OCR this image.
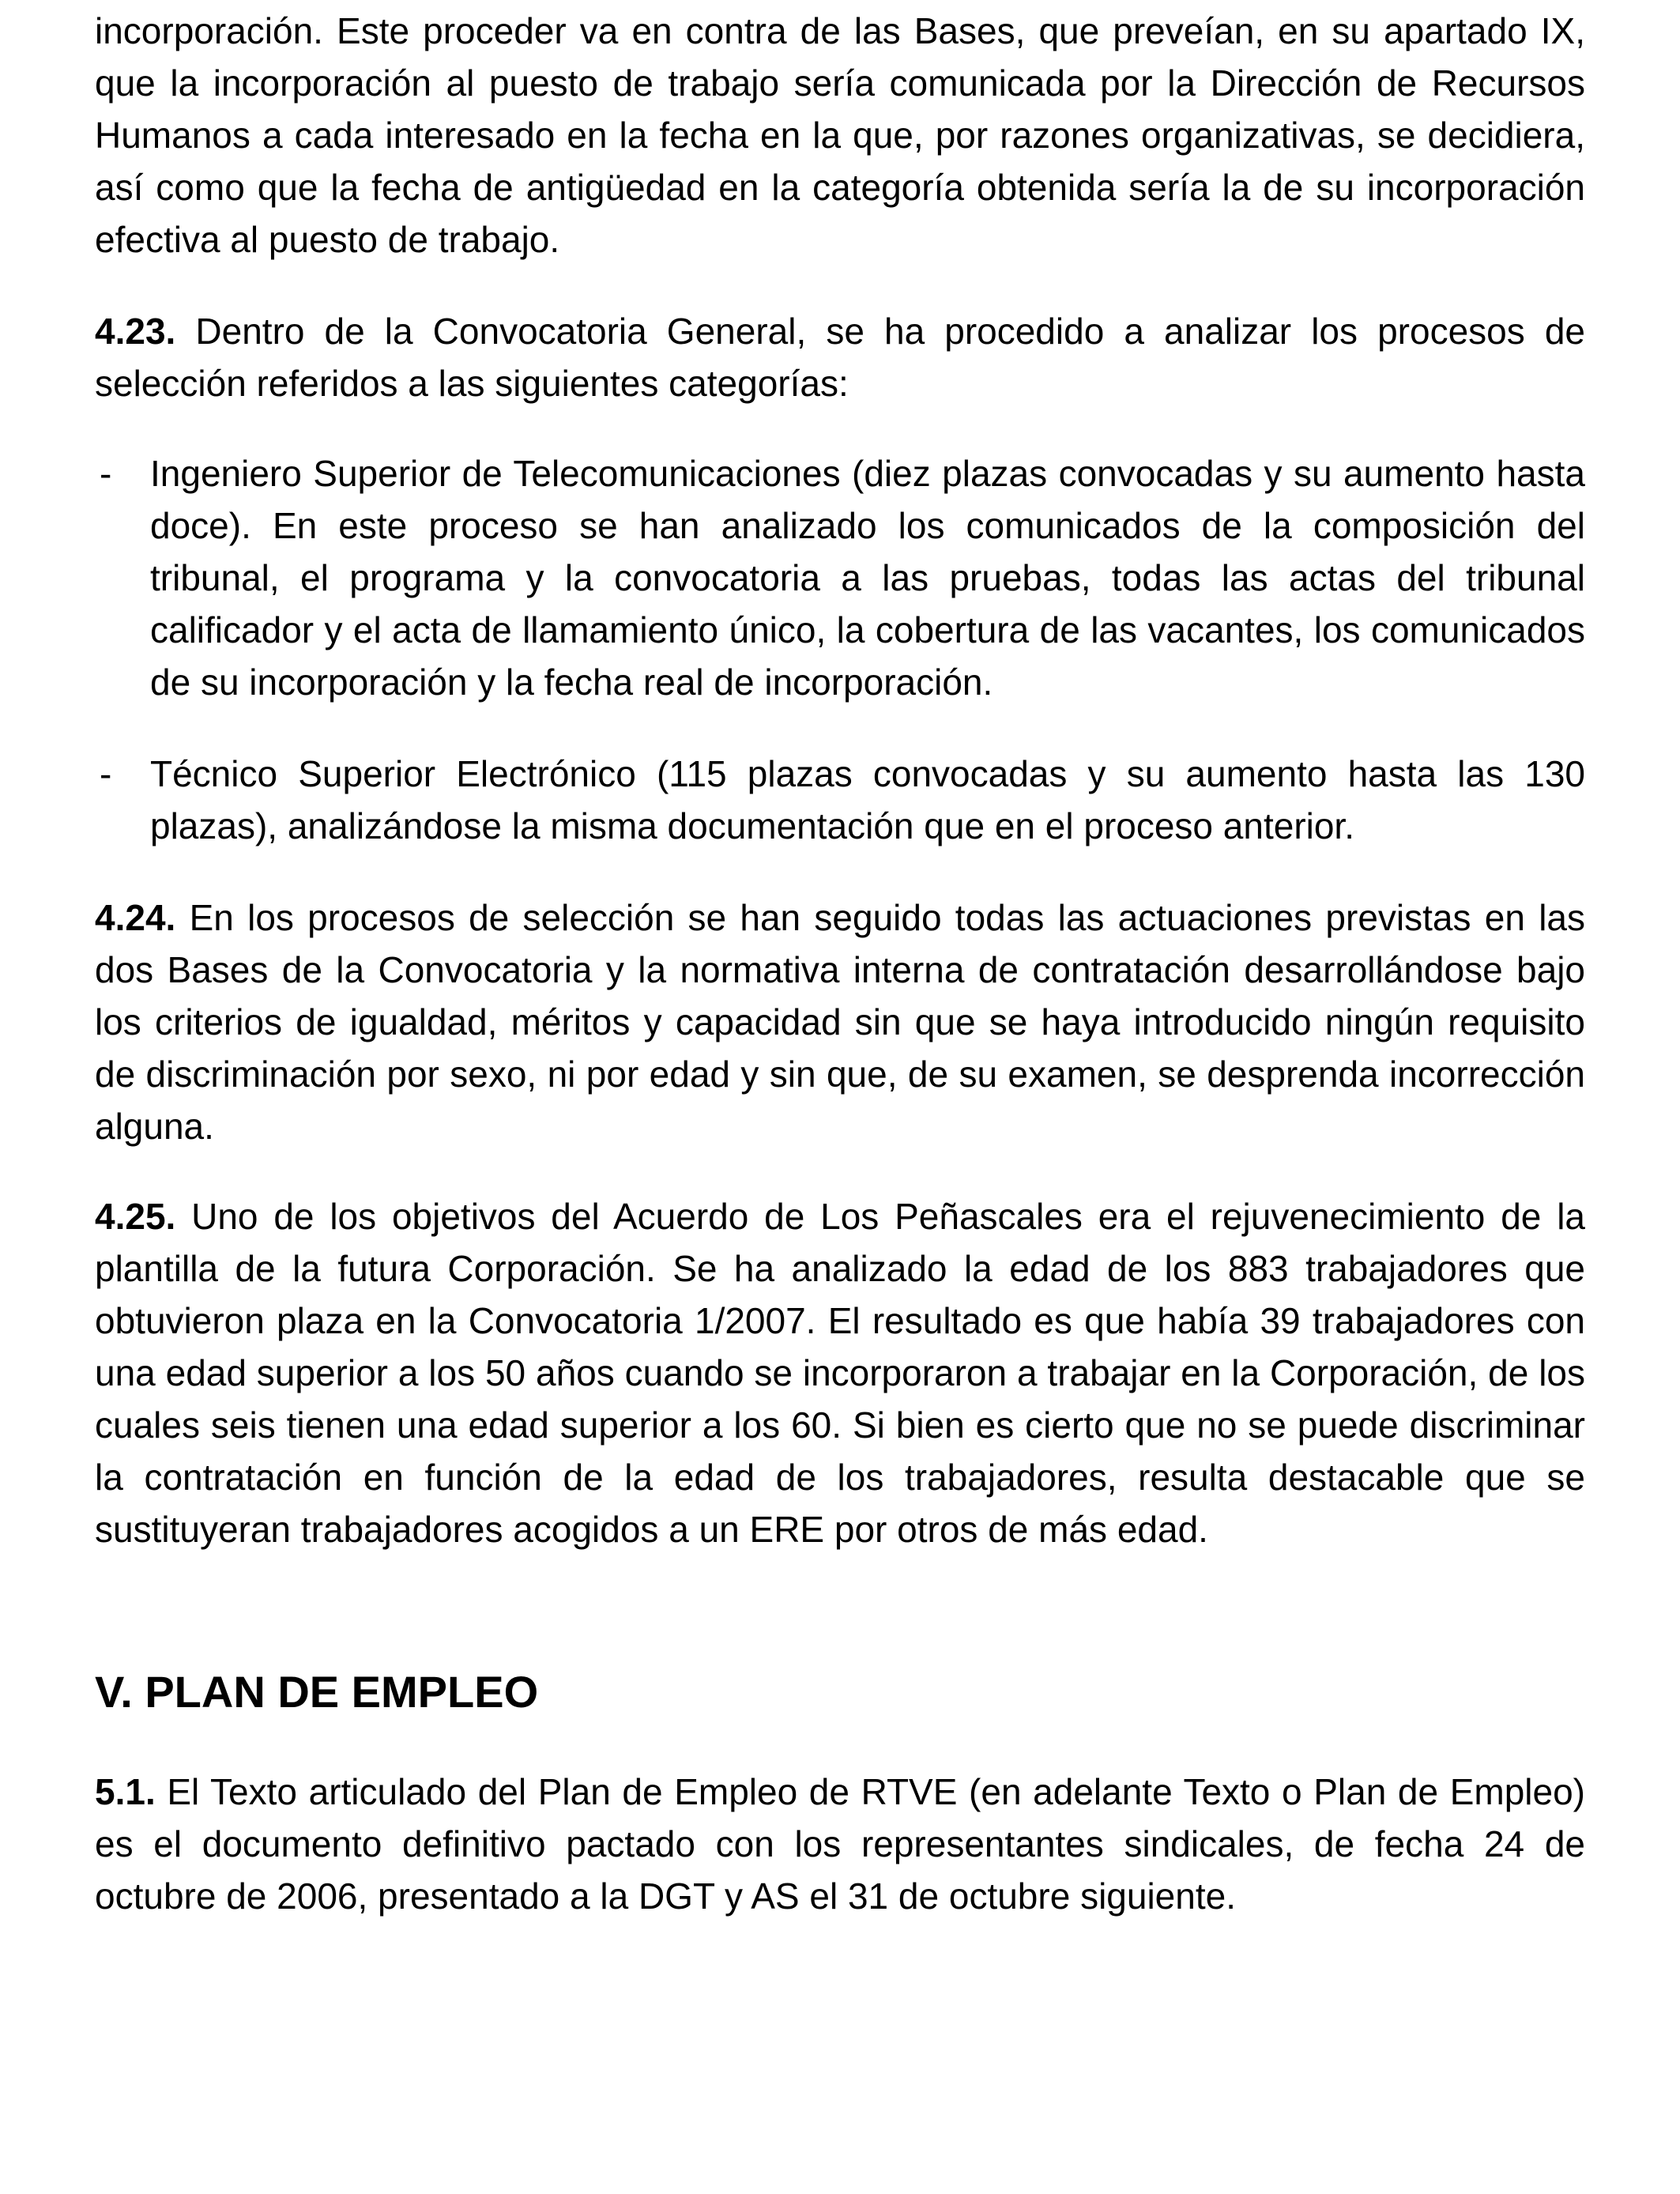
incorporación. Este proceder va en contra de las Bases, que preveían, en su apartado IX, que la incorporación al puesto de trabajo sería comunicada por la Dirección de Recursos Humanos a cada interesado en la fecha en la que, por razones organizativas, se decidiera, así como que la fecha de antigüedad en la categoría obtenida sería la de su incorporación efectiva al puesto de trabajo.

4.23. Dentro de la Convocatoria General, se ha procedido a analizar los procesos de selección referidos a las siguientes categorías:

- Ingeniero Superior de Telecomunicaciones (diez plazas convocadas y su aumento hasta doce). En este proceso se han analizado los comunicados de la composición del tribunal, el programa y la convocatoria a las pruebas, todas las actas del tribunal calificador y el acta de llamamiento único, la cobertura de las vacantes, los comunicados de su incorporación y la fecha real de incorporación.
- Técnico Superior Electrónico (115 plazas convocadas y su aumento hasta las 130 plazas), analizándose la misma documentación que en el proceso anterior.

4.24. En los procesos de selección se han seguido todas las actuaciones previstas en las dos Bases de la Convocatoria y la normativa interna de contratación desarrollándose bajo los criterios de igualdad, méritos y capacidad sin que se haya introducido ningún requisito de discriminación por sexo, ni por edad y sin que, de su examen, se desprenda incorrección alguna.

4.25. Uno de los objetivos del Acuerdo de Los Peñascales era el rejuvenecimiento de la plantilla de la futura Corporación. Se ha analizado la edad de los 883 trabajadores que obtuvieron plaza en la Convocatoria 1/2007. El resultado es que había 39 trabajadores con una edad superior a los 50 años cuando se incorporaron a trabajar en la Corporación, de los cuales seis tienen una edad superior a los 60. Si bien es cierto que no se puede discriminar la contratación en función de la edad de los trabajadores, resulta destacable que se sustituyeran trabajadores acogidos a un ERE por otros de más edad.

V. PLAN DE EMPLEO

5.1. El Texto articulado del Plan de Empleo de RTVE (en adelante Texto o Plan de Empleo) es el documento definitivo pactado con los representantes sindicales, de fecha 24 de octubre de 2006, presentado a la DGT y AS el 31 de octubre siguiente.
